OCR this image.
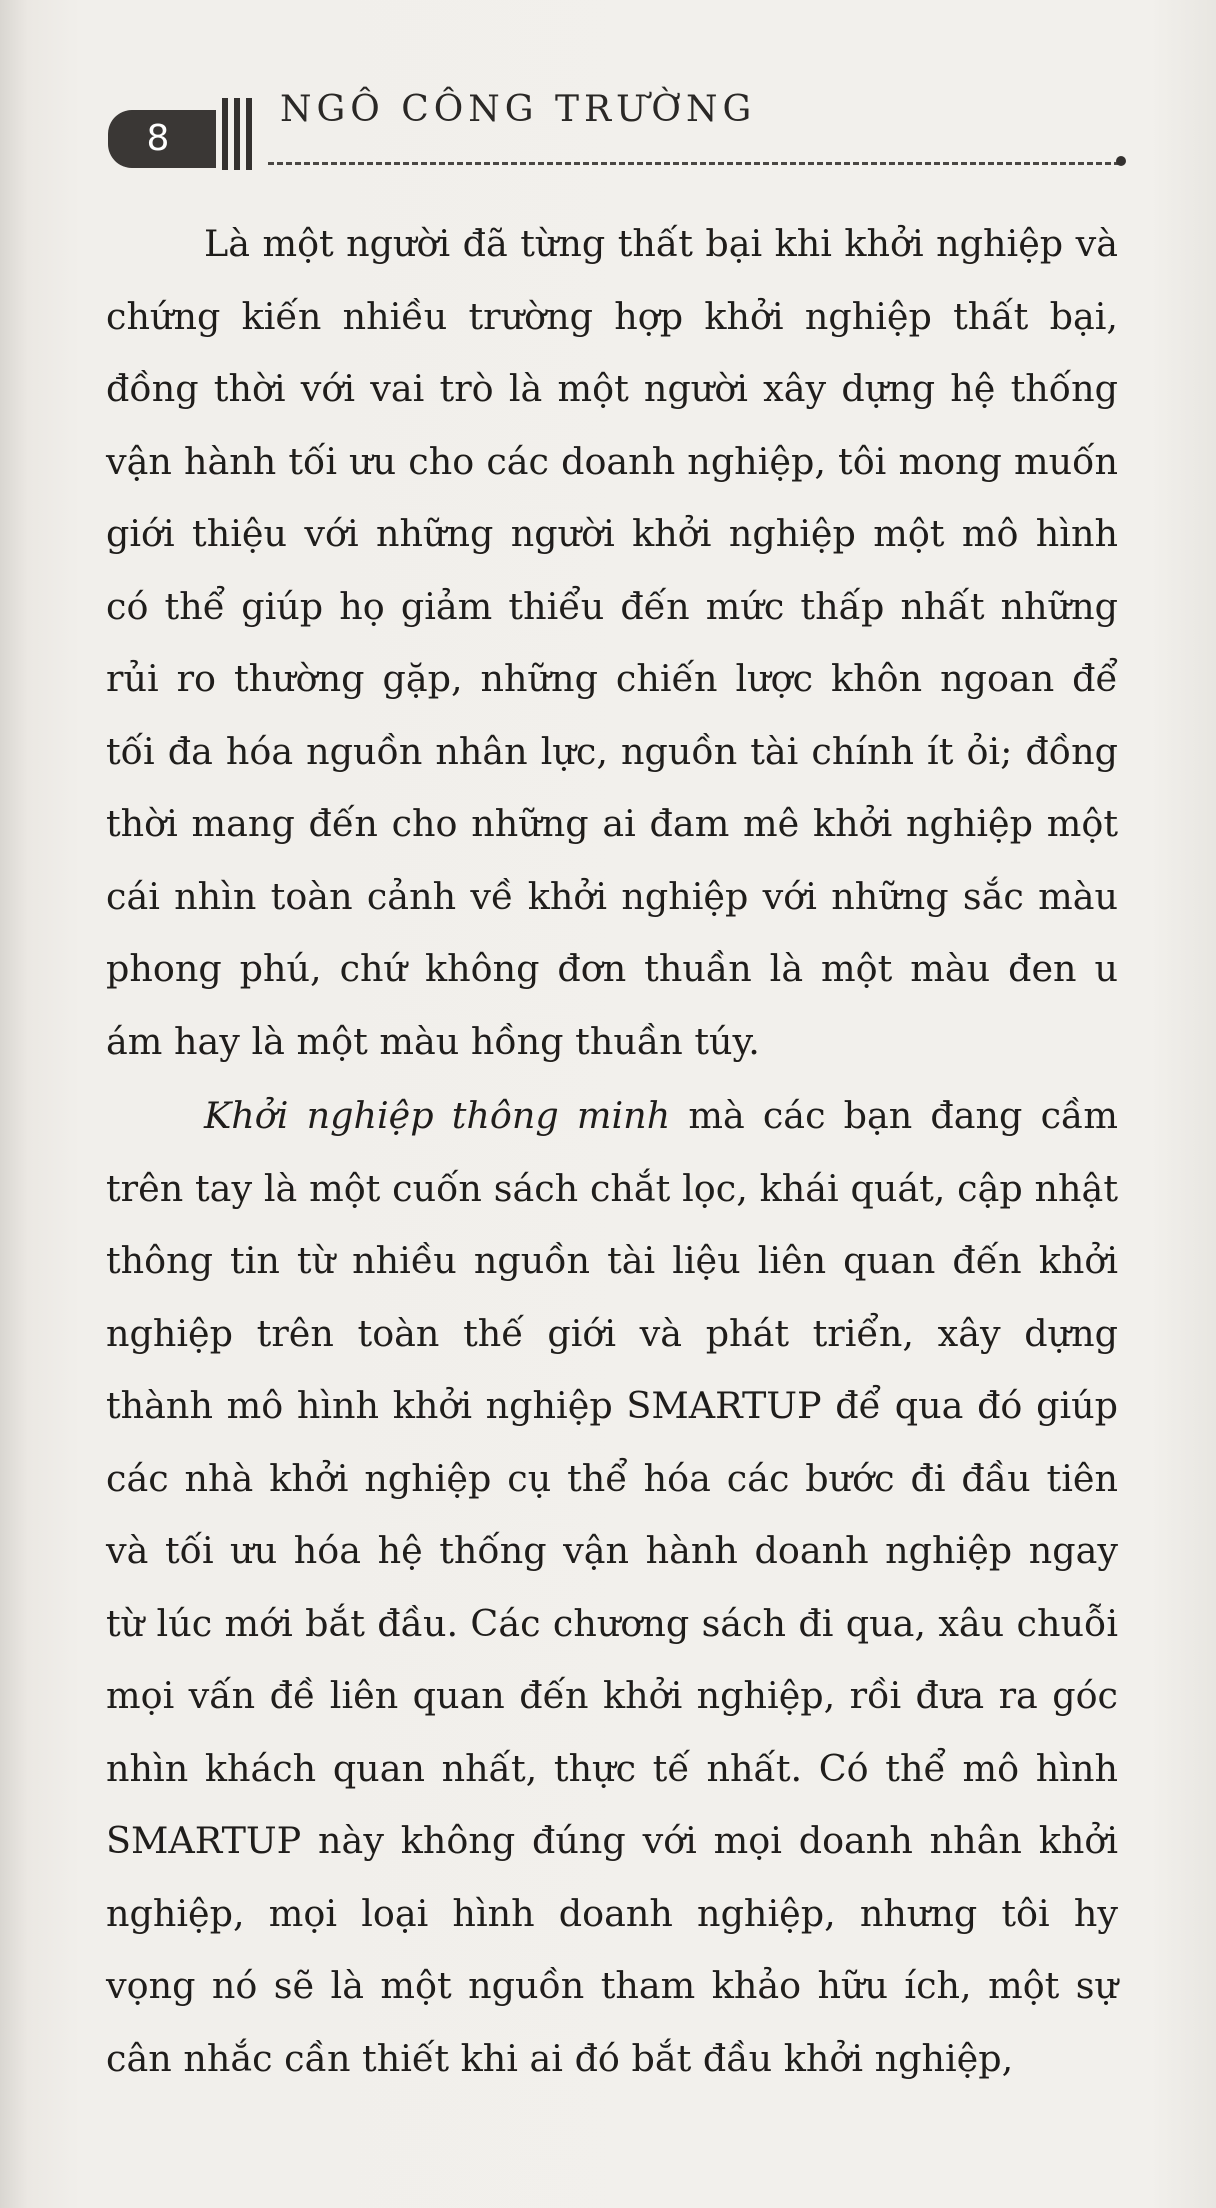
8
NGÔ CÔNG TRƯỜNG

Là một người đã từng thất bại khi khởi nghiệp và chứng kiến nhiều trường hợp khởi nghiệp thất bại, đồng thời với vai trò là một người xây dựng hệ thống vận hành tối ưu cho các doanh nghiệp, tôi mong muốn giới thiệu với những người khởi nghiệp một mô hình có thể giúp họ giảm thiểu đến mức thấp nhất những rủi ro thường gặp, những chiến lược khôn ngoan để tối đa hóa nguồn nhân lực, nguồn tài chính ít ỏi; đồng thời mang đến cho những ai đam mê khởi nghiệp một cái nhìn toàn cảnh về khởi nghiệp với những sắc màu phong phú, chứ không đơn thuần là một màu đen u ám hay là một màu hồng thuần túy.

Khởi nghiệp thông minh mà các bạn đang cầm trên tay là một cuốn sách chắt lọc, khái quát, cập nhật thông tin từ nhiều nguồn tài liệu liên quan đến khởi nghiệp trên toàn thế giới và phát triển, xây dựng thành mô hình khởi nghiệp SMARTUP để qua đó giúp các nhà khởi nghiệp cụ thể hóa các bước đi đầu tiên và tối ưu hóa hệ thống vận hành doanh nghiệp ngay từ lúc mới bắt đầu. Các chương sách đi qua, xâu chuỗi mọi vấn đề liên quan đến khởi nghiệp, rồi đưa ra góc nhìn khách quan nhất, thực tế nhất. Có thể mô hình SMARTUP này không đúng với mọi doanh nhân khởi nghiệp, mọi loại hình doanh nghiệp, nhưng tôi hy vọng nó sẽ là một nguồn tham khảo hữu ích, một sự cân nhắc cần thiết khi ai đó bắt đầu khởi nghiệp,
